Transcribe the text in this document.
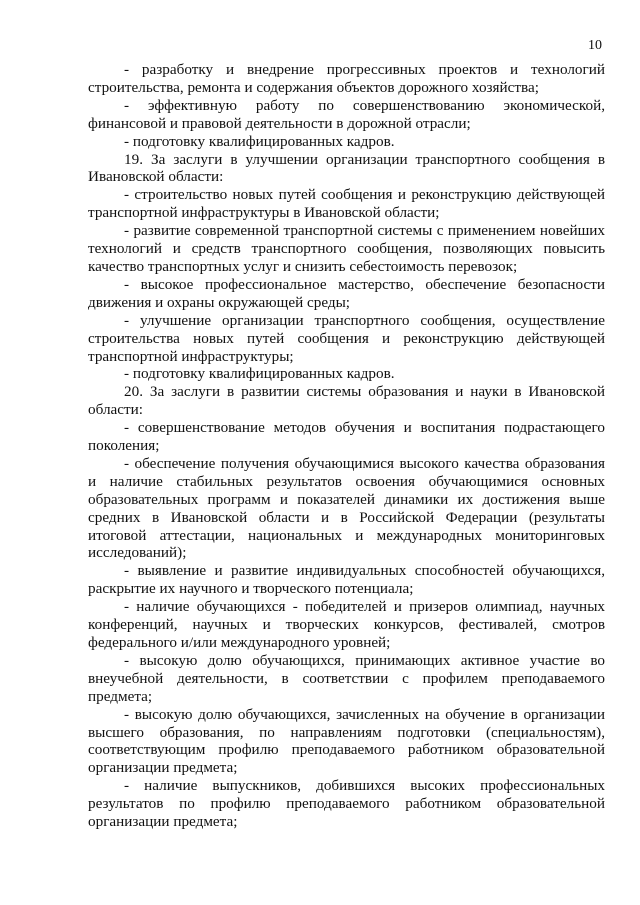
10

- разработку и внедрение прогрессивных проектов и технологий строительства, ремонта и содержания объектов дорожного хозяйства;

- эффективную работу по совершенствованию экономической, финансовой и правовой деятельности в дорожной отрасли;

- подготовку квалифицированных кадров.

19. За заслуги в улучшении организации транспортного сообщения в Ивановской области:

- строительство новых путей сообщения и реконструкцию действующей транспортной инфраструктуры в Ивановской области;

- развитие современной транспортной системы с применением новейших технологий и средств транспортного сообщения, позволяющих повысить качество транспортных услуг и снизить себестоимость перевозок;

- высокое профессиональное мастерство, обеспечение безопасности движения и охраны окружающей среды;

- улучшение организации транспортного сообщения, осуществление строительства новых путей сообщения и реконструкцию действующей транспортной инфраструктуры;

- подготовку квалифицированных кадров.

20. За заслуги в развитии системы образования и науки в Ивановской области:

- совершенствование методов обучения и воспитания подрастающего поколения;

- обеспечение получения обучающимися высокого качества образования и наличие стабильных результатов освоения обучающимися основных образовательных программ и показателей динамики их достижения выше средних в Ивановской области и в Российской Федерации (результаты итоговой аттестации, национальных и международных мониторинговых исследований);

- выявление и развитие индивидуальных способностей обучающихся, раскрытие их научного и творческого потенциала;

- наличие обучающихся - победителей и призеров олимпиад, научных конференций, научных и творческих конкурсов, фестивалей, смотров федерального и/или международного уровней;

- высокую долю обучающихся, принимающих активное участие во внеучебной деятельности, в соответствии с профилем преподаваемого предмета;

- высокую долю обучающихся, зачисленных на обучение в организации высшего образования, по направлениям подготовки (специальностям), соответствующим профилю преподаваемого работником образовательной организации предмета;

- наличие выпускников, добившихся высоких профессиональных результатов по профилю преподаваемого работником образовательной организации предмета;
